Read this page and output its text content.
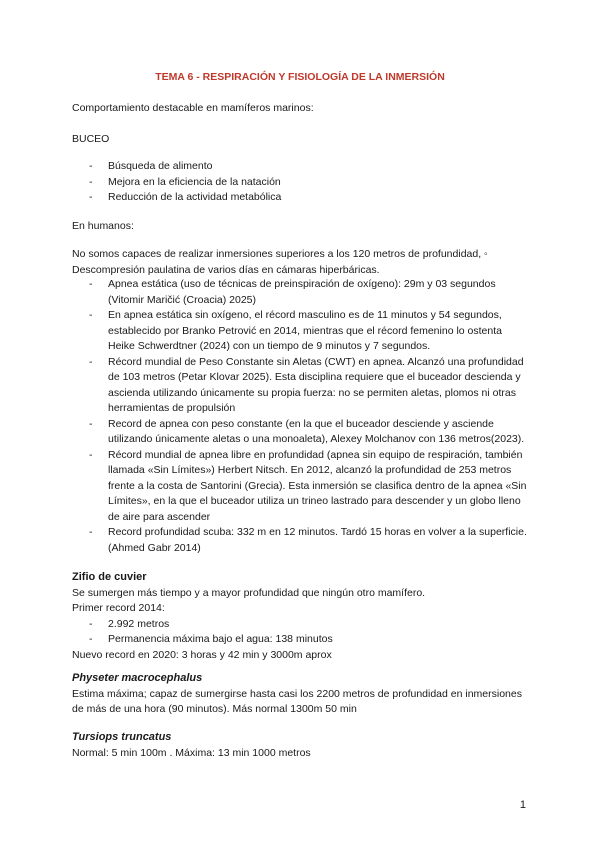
TEMA 6 - RESPIRACIÓN Y FISIOLOGÍA DE LA INMERSIÓN

Comportamiento destacable en mamíferos marinos:

BUCEO

- Búsqueda de alimento
- Mejora en la eficiencia de la natación
- Reducción de la actividad metabólica

En humanos:

No somos capaces de realizar inmersiones superiores a los 120 metros de profundidad, ◦ Descompresión paulatina de varios días en cámaras hiperbáricas.

- Apnea estática (uso de técnicas de preinspiración de oxígeno): 29m y 03 segundos (Vitomir Maričić (Croacia) 2025)
- En apnea estática sin oxígeno, el récord masculino es de 11 minutos y 54 segundos, establecido por Branko Petrović en 2014, mientras que el récord femenino lo ostenta Heike Schwerdtner (2024) con un tiempo de 9 minutos y 7 segundos.
- Récord mundial de Peso Constante sin Aletas (CWT) en apnea. Alcanzó una profundidad de 103 metros (Petar Klovar 2025). Esta disciplina requiere que el buceador descienda y ascienda utilizando únicamente su propia fuerza: no se permiten aletas, plomos ni otras herramientas de propulsión
- Record de apnea con peso constante (en la que el buceador desciende y asciende utilizando únicamente aletas o una monoaleta), Alexey Molchanov con 136 metros(2023).
- Récord mundial de apnea libre en profundidad (apnea sin equipo de respiración, también llamada «Sin Límites») Herbert Nitsch. En 2012, alcanzó la profundidad de 253 metros frente a la costa de Santorini (Grecia). Esta inmersión se clasifica dentro de la apnea «Sin Límites», en la que el buceador utiliza un trineo lastrado para descender y un globo lleno de aire para ascender
- Record profundidad scuba: 332 m en 12 minutos. Tardó 15 horas en volver a la superficie. (Ahmed Gabr 2014)

Zifio de cuvier

Se sumergen más tiempo y a mayor profundidad que ningún otro mamífero.

Primer record 2014:

- 2.992 metros
- Permanencia máxima bajo el agua: 138 minutos

Nuevo record en 2020: 3 horas y 42 min y 3000m aprox

Physeter macrocephalus

Estima máxima; capaz de sumergirse hasta casi los 2200 metros de profundidad en inmersiones de más de una hora (90 minutos). Más normal 1300m 50 min

Tursiops truncatus

Normal: 5 min 100m . Máxima: 13 min 1000 metros

1
